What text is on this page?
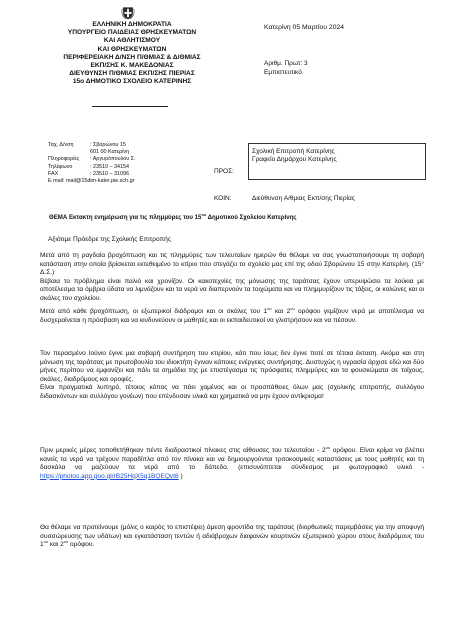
ΕΛΛΗΝΙΚΗ ΔΗΜΟΚΡΑΤΙΑ
ΥΠΟΥΡΓΕΙΟ ΠΑΙΔΕΙΑΣ ΘΡΗΣΚΕΥΜΑΤΩΝ
ΚΑΙ ΑΘΛΗΤΙΣΜΟΥ
ΚΑΙ ΘΡΗΣΚΕΥΜΑΤΩΝ
ΠΕΡΙΦΕΡΕΙΑΚΗ Δ/ΝΣΗ Π/ΘΜΙΑΣ & Δ/ΘΜΙΑΣ
ΕΚΠ/ΣΗΣ Κ. ΜΑΚΕΔΟΝΙΑΣ
ΔΙΕΥΘΥΝΣΗ Π/ΘΜΙΑΣ ΕΚΠ/ΣΗΣ ΠΙΕΡΙΑΣ
15ο ΔΗΜΟΤΙΚΟ ΣΧΟΛΕΙΟ ΚΑΤΕΡΙΝΗΣ
Κατερίνη 05 Μαρτίου 2024
Αριθμ. Πρωτ: 3
Εμπιστευτικό
Ταχ. Δ/νση	: Σβορώνου 15
601 00 Κατερίνη
Πληροφορίες	: Αργυρόπουλου Σ.
Τηλέφωνο	: 23510 – 34154
FAX	: 23510 – 31096
E mail: mail@15dim-kater.pie.sch.gr
ΠΡΟΣ:
Σχολική Επιτροπή Κατερίνης
Γραφείο Δημάρχου Κατερίνης
ΚΟΙΝ:	Διεύθυνση Α/θμιας Εκπ/σης Πιερίας
ΘΕΜΑ Εκτακτη ενημέρωση για τις πλημμύρες του $15^{o\upsilon}$ Δημοτικού Σχολείου Κατερίνης
Αξιότιμε Πρόεδρε της Σχολικής Επιτροπής

Μετά από τη ραγδαία βροχόπτωση και τις πλημμύρες των τελευταίων ημερών θα θέλαμε να σας γνωστοποιήσουμε τη σοβαρή κατάσταση στην οποία βρίσκεται εκτεθειμένο το κτίριο που στεγάζει το σχολείο μας επί της οδού Σβορώνου 15 στην Κατερίνη. (15° Δ.Σ.)

Βέβαια το πρόβλημα είναι παλιό και χρονίζον. Οι κακοτεχνίες της μόνωσης της ταράτσας έχουν υπερυψώσει τα λούκια με αποτέλεσμα τα όμβρια ύδατα να λιμνάζουν και τα νερά να διαπερνούν τα τοιχώματα και να πλημμυρίζουν τις τάξεις, οι κολώνες και οι σκάλες του σχολείου.

Μετά από κάθε βροχόπτωση, οι εξωτερικοί διάδρομοι και οι σκάλες του $1^{o\upsilon}$ και $2^{o\upsilon}$ ορόφου γεμίζουν νερά με αποτέλεσμα να δυσχεραίνεται η πρόσβαση και να κινδυνεύουν οι μαθητές και οι εκπαιδευτικοί να γλιστρήσουν και να πέσουν.

Τον περασμένο Ιούνιο έγινε μια σοβαρή συντήρηση του κτιρίου, κάτι που ίσως δεν έγινε ποτέ σε τέτοια έκταση. Ακόμα και στη μόνωση της ταράτσας με πρωτοβουλία του ιδιοκτήτη έγιναν κάποιες ενέργειες συντήρησης. Δυστυχώς η υγρασία άρχισε εδώ και δύο μήνες περίπου να εμφανίζει και πάλι τα σημάδια της με επιστέγασμα τις πρόσφατες πλημμύρες και τα φουσκώματα σε τοίχους, σκάλες, διαδρόμους και οροφές.

Είναι πραγματικά λυπηρό, τέτοιος κόπος να πάει χαμένος και οι προσπάθειες όλων μας (σχολικής επιτροπής, συλλόγου διδασκόντων και συλλόγου γονέων) που επένδυσαν υλικά και χρηματικά να μην έχουν αντίκρισμα!

Πριν μερικές μέρες τοποθετήθηκαν πέντε διαδραστικοί πίνακες στις αίθουσες του τελευταίου - $2^{o\upsilon}$ ορόφου. Είναι κρίμα να βλέπει κανείς τα νερά να τρέχουν παραδίπλα από τον πίνακα και να δημιουργούνται τριτοκοσμικές καταστάσεις με τους μαθητές και τη δασκάλα να μαζεύουν τα νερά από το δάπεδο. (επισυνάπτεται σύνδεσμος με φωτογραφικό υλικό - https://photos.app.goo.gl/rB25HqX5q1BQEQvt8 )

Θα θέλαμε να προτείνουμε (μόλις ο καιρός το επιστέψει) άμεση φροντίδα της ταράτσας (διορθωτικές παρεμβάσεις για την αποφυγή συσσώρευσης των υδάτων) και εγκατάσταση τεντών ή αδιάβροχων διαφανών κουρτινών εξωτερικού χώρου στους διαδρόμους του $1^{o\upsilon}$ και $2^{o\upsilon}$ ορόφου.
